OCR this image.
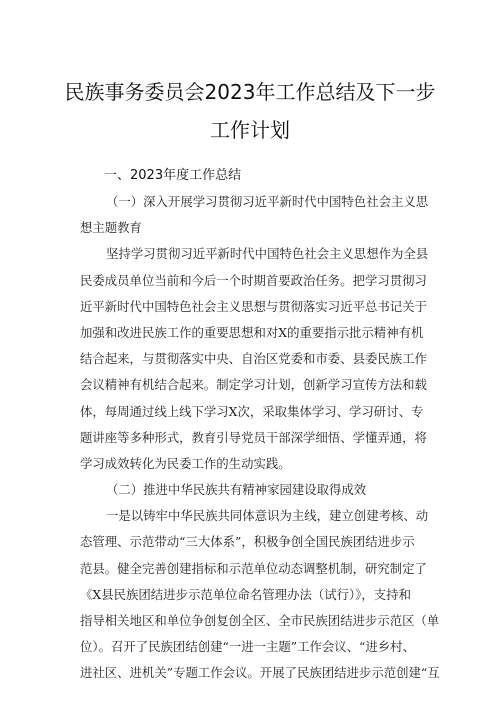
民族事务委员会2023年工作总结及下一步
工作计划
一、2023年度工作总结
（一）深入开展学习贯彻习近平新时代中国特色社会主义思
想主题教育
坚持学习贯彻习近平新时代中国特色社会主义思想作为全县
民委成员单位当前和今后一个时期首要政治任务。把学习贯彻习
近平新时代中国特色社会主义思想与贯彻落实习近平总书记关于
加强和改进民族工作的重要思想和对X的重要指示批示精神有机
结合起来，与贯彻落实中央、自治区党委和市委、县委民族工作
会议精神有机结合起来。制定学习计划，创新学习宣传方法和载
体，每周通过线上线下学习X次，采取集体学习、学习研讨、专
题讲座等多种形式，教育引导党员干部深学细悟、学懂弄通，将
学习成效转化为民委工作的生动实践。
（二）推进中华民族共有精神家园建设取得成效
一是以铸牢中华民族共同体意识为主线，建立创建考核、动
态管理、示范带动“三大体系”，积极争创全国民族团结进步示
范县。健全完善创建指标和示范单位动态调整机制，研究制定了
《X县民族团结进步示范单位命名管理办法（试行）》，支持和
指导相关地区和单位争创复创全区、全市民族团结进步示范区（单
位）。召开了民族团结创建“一进一主题”工作会议、“进乡村、
进社区、进机关”专题工作会议。开展了民族团结进步示范创建“互
